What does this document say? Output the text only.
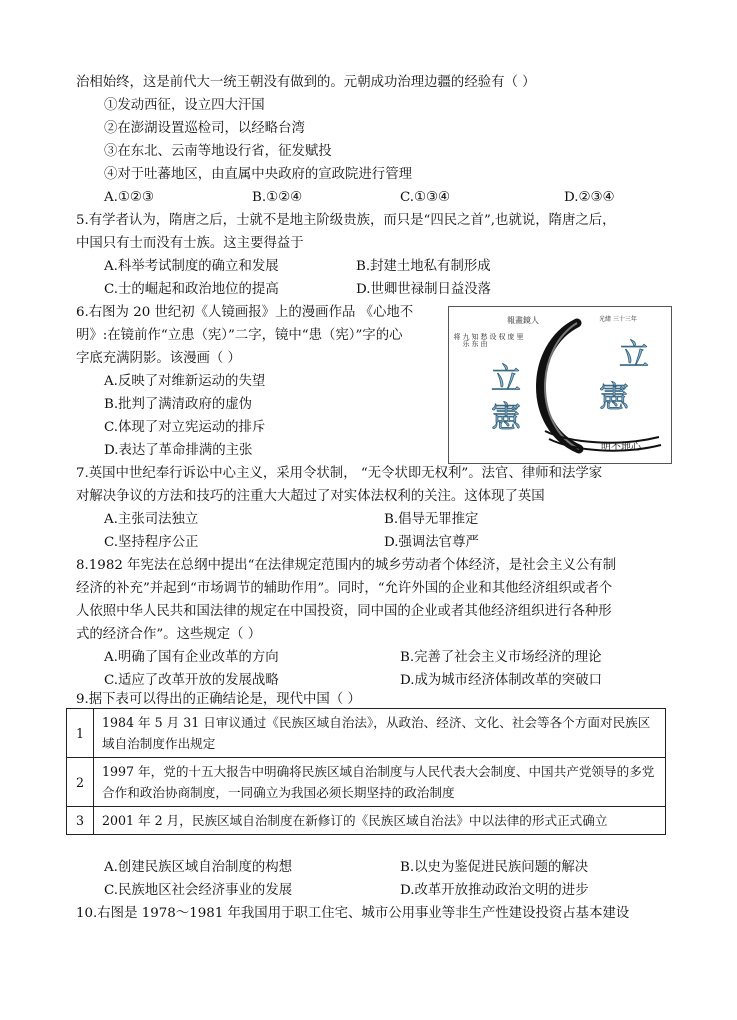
治相始终，这是前代大一统王朝没有做到的。元朝成功治理边疆的经验有（ ）
①发动西征，设立四大汗国
②在澎湖设置巡检司，以经略台湾
③在东北、云南等地设行省，征发赋投
④对于吐蕃地区，由直属中央政府的宣政院进行管理
A.①②③	B.①②④	C.①③④	D.②③④
5.有学者认为，隋唐之后，士就不是地主阶级贵族，而只是“四民之首”,也就说，隋唐之后，
中国只有士而没有士族。这主要得益于
A.科举考试制度的确立和发展	B.封建土地私有制形成
C.士的崛起和政治地位的提高	D.世卿世禄制日益没落
6.右图为 20 世纪初《人镜画报》上的漫画作品 《心地不
明》:在镜前作“立患（宪）”二字，镜中“患（宪）”字的心
字底充满阴影。该漫画（ ）
A.反映了对维新运动的失望
B.批判了满清政府的虚伪
C.体现了对立宪运动的排斥
D.表达了革命排满的主张
立
憲
立
憲
報畫鏡人	光緒 三十三年
将 九乐 知东 愁由 设 权 庞 里
明不地心
7.英国中世纪奉行诉讼中心主义，采用令状制， “无令状即无权利”。法官、律师和法学家
对解决争议的方法和技巧的注重大大超过了对实体法权利的关注。这体现了英国
A.主张司法独立	B.倡导无罪推定
C.坚持程序公正	D.强调法官尊严
8.1982 年宪法在总纲中提出“在法律规定范围内的城乡劳动者个体经济，是社会主义公有制
经济的补充”并起到“市场调节的辅助作用”。同时，“允许外国的企业和其他经济组织或者个
人依照中华人民共和国法律的规定在中国投资，同中国的企业或者其他经济组织进行各种形
式的经济合作”。这些规定（ ）
A.明确了国有企业改革的方向	B.完善了社会主义市场经济的理论
C.适应了改革开放的发展战略	D.成为城市经济体制改革的突破口
9.据下表可以得出的正确结论是，现代中国（ ）
1	1984 年 5 月 31 日审议通过《民族区域自治法》，从政治、经济、文化、社会等各个方面对民族区域自治制度作出规定
2	1997 年，党的十五大报告中明确将民族区域自治制度与人民代表大会制度、中国共产党领导的多党合作和政治协商制度，一同确立为我国必须长期坚持的政治制度
3	2001 年 2 月，民族区域自治制度在新修订的《民族区域自治法》中以法律的形式正式确立
A.创建民族区域自治制度的构想	B.以史为鉴促进民族问题的解决
C.民族地区社会经济事业的发展	D.改革开放推动政治文明的进步
10.右图是 1978～1981 年我国用于职工住宅、城市公用事业等非生产性建设投资占基本建设
